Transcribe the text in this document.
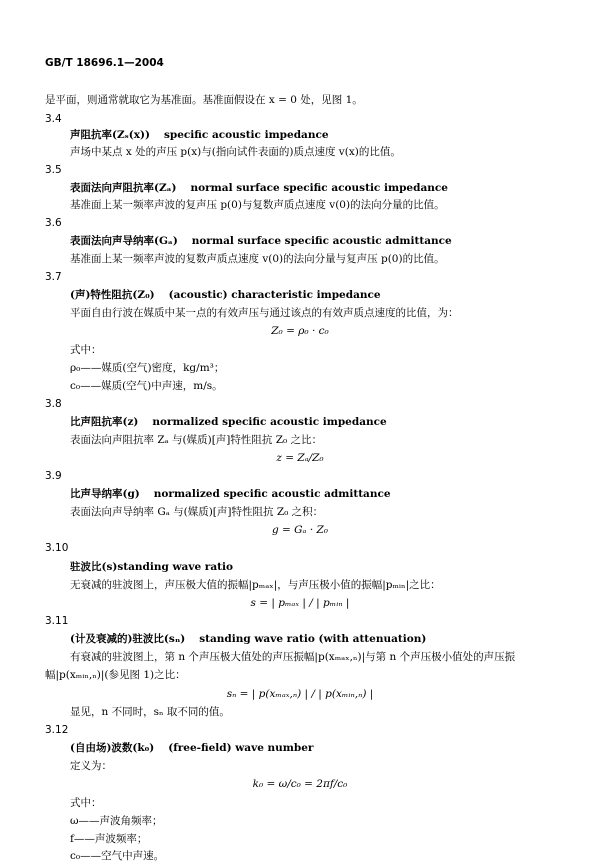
GB/T 18696.1—2004
是平面，则通常就取它为基准面。基准面假设在 x = 0 处，见图 1。
3.4
声阻抗率(Zₛ(x)) specific acoustic impedance
声场中某点 x 处的声压 p(x)与(指向试件表面的)质点速度 v(x)的比值。
3.5
表面法向声阻抗率(Zₐ) normal surface specific acoustic impedance
基准面上某一频率声波的复声压 p(0)与复数声质点速度 v(0)的法向分量的比值。
3.6
表面法向声导纳率(Gₐ) normal surface specific acoustic admittance
基准面上某一频率声波的复数声质点速度 v(0)的法向分量与复声压 p(0)的比值。
3.7
(声)特性阻抗(Z₀) (acoustic) characteristic impedance
平面自由行波在媒质中某一点的有效声压与通过该点的有效声质点速度的比值，为：
Z₀ = ρ₀ · c₀
式中：
ρ₀——媒质(空气)密度，kg/m³；
c₀——媒质(空气)中声速，m/s。
3.8
比声阻抗率(z) normalized specific acoustic impedance
表面法向声阻抗率 Zₐ 与(媒质)[声]特性阻抗 Z₀ 之比：
z = Zₐ/Z₀
3.9
比声导纳率(g) normalized specific acoustic admittance
表面法向声导纳率 Gₐ 与(媒质)[声]特性阻抗 Z₀ 之积：
g = Gₐ · Z₀
3.10
驻波比(s)standing wave ratio
无衰减的驻波图上，声压极大值的振幅|pₘₐₓ|，与声压极小值的振幅|pₘᵢₙ|之比：
s = | pₘₐₓ | / | pₘᵢₙ |
3.11
(计及衰减的)驻波比(sₙ) standing wave ratio (with attenuation)
有衰减的驻波图上，第 n 个声压极大值处的声压振幅|p(xₘₐₓ,ₙ)|与第 n 个声压极小值处的声压振
幅|p(xₘᵢₙ,ₙ)|(参见图 1)之比：
sₙ = | p(xₘₐₓ,ₙ) | / | p(xₘᵢₙ,ₙ) |
显见，n 不同时，sₙ 取不同的值。
3.12
(自由场)波数(k₀) (free-field) wave number
定义为：
k₀ = ω/c₀ = 2πf/c₀
式中：
ω——声波角频率；
f——声波频率；
c₀——空气中声速。
